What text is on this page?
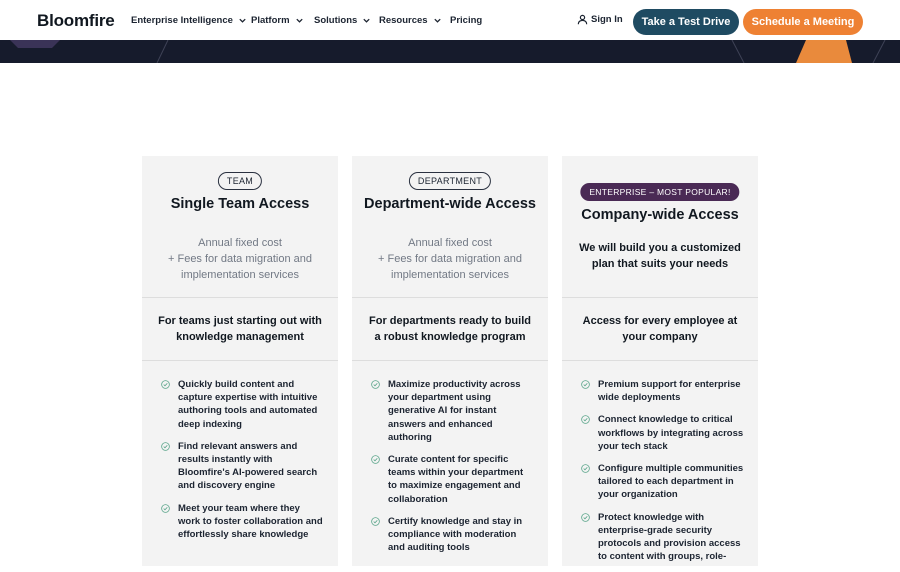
Bloomfire Enterprise Intelligence Platform	Solutions Resources Pricing	Sign In	Take a Test Drive	Schedule a Meeting
TEAM
Single Team Access
Annual fixed cost
+ Fees for data migration and implementation services
For teams just starting out with knowledge management
Quickly build content and capture expertise with intuitive authoring tools and automated deep indexing
Find relevant answers and results instantly with Bloomfire's AI-powered search and discovery engine
Meet your team where they work to foster collaboration and effortlessly share knowledge
DEPARTMENT
Department-wide Access
Annual fixed cost
+ Fees for data migration and implementation services
For departments ready to build a robust knowledge program
Maximize productivity across your department using generative AI for instant answers and enhanced authoring
Curate content for specific teams within your department to maximize engagement and collaboration
Certify knowledge and stay in compliance with moderation and auditing tools
ENTERPRISE – MOST POPULAR!
Company-wide Access
We will build you a customized plan that suits your needs
Access for every employee at your company
Premium support for enterprise wide deployments
Connect knowledge to critical workflows by integrating across your tech stack
Configure multiple communities tailored to each department in your organization
Protect knowledge with enterprise-grade security protocols and provision access to content with groups, role-
